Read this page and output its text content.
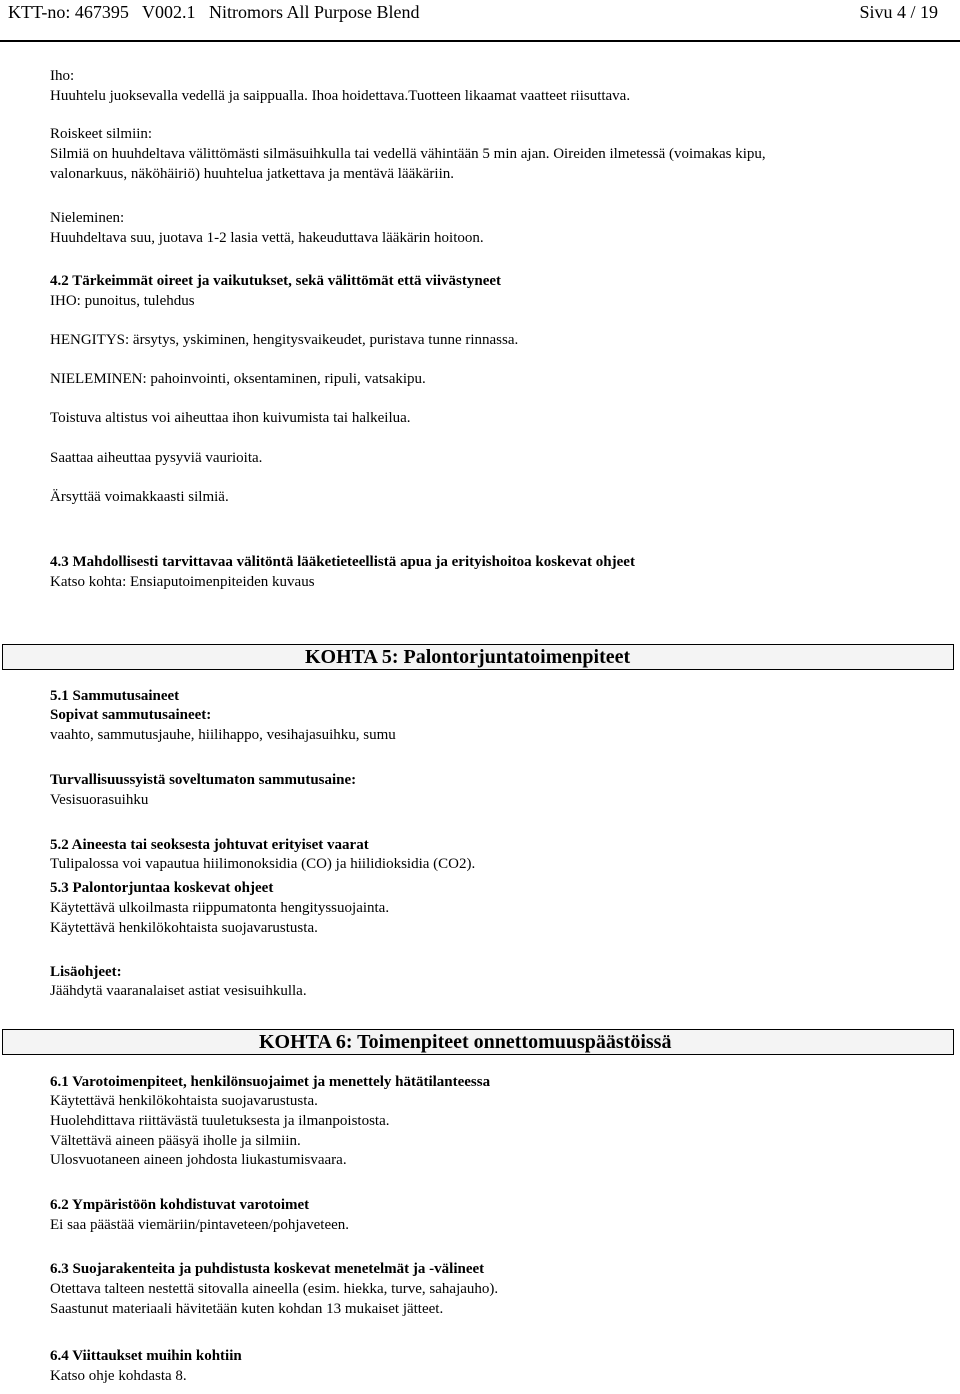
KTT-no: 467395   V002.1   Nitromors All Purpose Blend	Sivu 4 / 19

Iho:

Huuhtelu juoksevalla vedellä ja saippualla. Ihoa hoidettava.Tuotteen likaamat vaatteet riisuttava.

Roiskeet silmiin:

Silmiä on huuhdeltava välittömästi silmäsuihkulla tai vedellä vähintään 5 min ajan. Oireiden ilmetessä (voimakas kipu,

valonarkuus, näköhäiriö) huuhtelua jatkettava ja mentävä lääkäriin.

Nieleminen:

Huuhdeltava suu, juotava 1-2 lasia vettä, hakeuduttava lääkärin hoitoon.

4.2 Tärkeimmät oireet ja vaikutukset, sekä välittömät että viivästyneet

IHO: punoitus, tulehdus

HENGITYS: ärsytys, yskiminen, hengitysvaikeudet, puristava tunne rinnassa.

NIELEMINEN: pahoinvointi, oksentaminen, ripuli, vatsakipu.

Toistuva altistus voi aiheuttaa ihon kuivumista tai halkeilua.

Saattaa aiheuttaa pysyviä vaurioita.

Ärsyttää voimakkaasti silmiä.

4.3 Mahdollisesti tarvittavaa välitöntä lääketieteellistä apua ja erityishoitoa koskevat ohjeet

Katso kohta: Ensiaputoimenpiteiden kuvaus

KOHTA 5: Palontorjuntatoimenpiteet

5.1 Sammutusaineet

Sopivat sammutusaineet:

vaahto, sammutusjauhe, hiilihappo, vesihajasuihku, sumu

Turvallisuussyistä soveltumaton sammutusaine:

Vesisuorasuihku

5.2 Aineesta tai seoksesta johtuvat erityiset vaarat

Tulipalossa voi vapautua hiilimonoksidia (CO) ja hiilidioksidia (CO2).

5.3 Palontorjuntaa koskevat ohjeet

Käytettävä ulkoilmasta riippumatonta hengityssuojainta.

Käytettävä henkilökohtaista suojavarustusta.

Lisäohjeet:

Jäähdytä vaaranalaiset astiat vesisuihkulla.

KOHTA 6: Toimenpiteet onnettomuuspäästöissä

6.1 Varotoimenpiteet, henkilönsuojaimet ja menettely hätätilanteessa

Käytettävä henkilökohtaista suojavarustusta.

Huolehdittava riittävästä tuuletuksesta ja ilmanpoistosta.

Vältettävä aineen pääsyä iholle ja silmiin.

Ulosvuotaneen aineen johdosta liukastumisvaara.

6.2 Ympäristöön kohdistuvat varotoimet

Ei saa päästää viemäriin/pintaveteen/pohjaveteen.

6.3 Suojarakenteita ja puhdistusta koskevat menetelmät ja -välineet

Otettava talteen nestettä sitovalla aineella (esim. hiekka, turve, sahajauho).

Saastunut materiaali hävitetään kuten kohdan 13 mukaiset jätteet.

6.4 Viittaukset muihin kohtiin

Katso ohje kohdasta 8.
